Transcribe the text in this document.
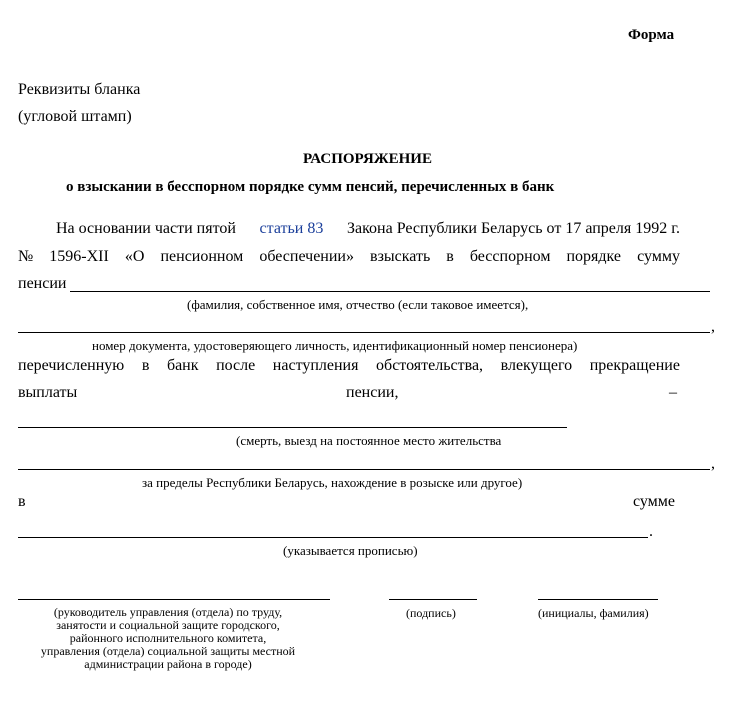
Форма
Реквизиты бланка
(угловой штамп)
РАСПОРЯЖЕНИЕ
о взыскании в бесспорном порядке сумм пенсий, перечисленных в банк
На основании части пятой статьи 83 Закона Республики Беларусь от 17 апреля 1992 г.
№ 1596-XII «О пенсионном обеспечении» взыскать в бесспорном порядке сумму
пенсии
(фамилия, собственное имя, отчество (если таковое имеется),
,
номер документа, удостоверяющего личность, идентификационный номер пенсионера)
перечисленную в банк после наступления обстоятельства, влекущего прекращение
выплаты	пенсии,	–
(смерть, выезд на постоянное место жительства
,
за пределы Республики Беларусь, нахождение в розыске или другое)
в	сумме
.
(указывается прописью)
(руководитель управления (отдела) по труду,
занятости и социальной защите городского,
районного исполнительного комитета,
управления (отдела) социальной защиты местной
администрации района в городе)
(подпись)	(инициалы, фамилия)
